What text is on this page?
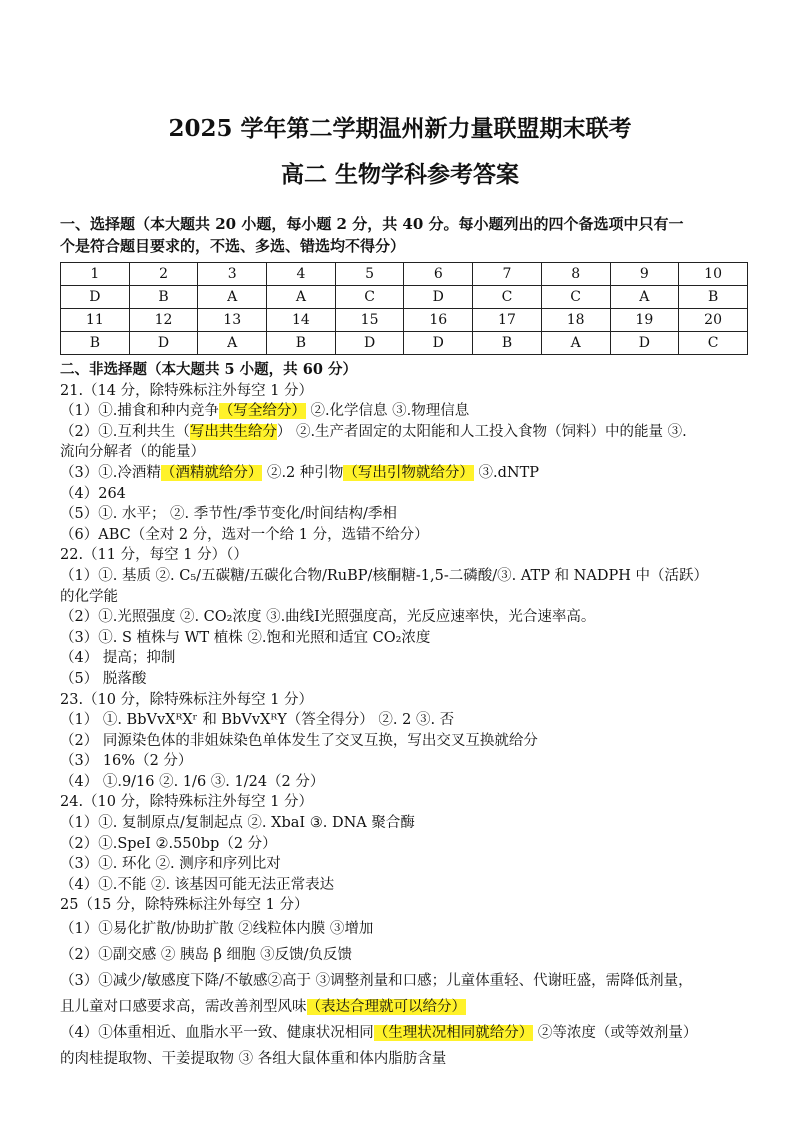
2025 学年第二学期温州新力量联盟期末联考
高二 生物学科参考答案
一、选择题（本大题共 20 小题，每小题 2 分，共 40 分。每小题列出的四个备选项中只有一
个是符合题目要求的，不选、多选、错选均不得分）
1	2	3	4	5	6	7	8	9	10
D	B	A	A	C	D	C	C	A	B
11	12	13	14	15	16	17	18	19	20
B	D	A	B	D	D	B	A	D	C
二、非选择题（本大题共 5 小题，共 60 分）
21.（14 分，除特殊标注外每空 1 分）
（1）①.捕食和种内竞争（写全给分） ②.化学信息 ③.物理信息
（2）①.互利共生（写出共生给分） ②.生产者固定的太阳能和人工投入食物（饲料）中的能量 ③.
流向分解者（的能量）
（3）①.冷酒精（酒精就给分） ②.2 种引物（写出引物就给分） ③.dNTP
（4）264
（5）①. 水平； ②. 季节性/季节变化/时间结构/季相
（6）ABC（全对 2 分，选对一个给 1 分，选错不给分）
22.（11 分，每空 1 分）（）
（1）①. 基质 ②. C₅/五碳糖/五碳化合物/RuBP/核酮糖-1,5-二磷酸/③. ATP 和 NADPH 中（活跃）
的化学能
（2）①.光照强度 ②. CO₂浓度 ③.曲线Ⅰ光照强度高，光反应速率快，光合速率高。
（3）①. S 植株与 WT 植株 ②.饱和光照和适宜 CO₂浓度
（4） 提高；抑制
（5） 脱落酸
23.（10 分，除特殊标注外每空 1 分）
（1） ①. BbVvXᴿXʳ 和 BbVvXᴿY（答全得分） ②. 2 ③. 否
（2） 同源染色体的非姐妹染色单体发生了交叉互换，写出交叉互换就给分
（3） 16%（2 分）
（4） ①.9/16 ②. 1/6 ③. 1/24（2 分）
24.（10 分，除特殊标注外每空 1 分）
（1）①. 复制原点/复制起点 ②. XbaⅠ ③. DNA 聚合酶
（2）①.SpeⅠ ②.550bp（2 分）
（3）①. 环化 ②. 测序和序列比对
（4）①.不能 ②. 该基因可能无法正常表达
25（15 分，除特殊标注外每空 1 分）
（1）①易化扩散/协助扩散 ②线粒体内膜 ③增加
（2）①副交感 ② 胰岛 β 细胞 ③反馈/负反馈
（3）①减少/敏感度下降/不敏感②高于 ③调整剂量和口感；儿童体重轻、代谢旺盛，需降低剂量，
且儿童对口感要求高，需改善剂型风味（表达合理就可以给分）
（4）①体重相近、血脂水平一致、健康状况相同（生理状况相同就给分） ②等浓度（或等效剂量）
的肉桂提取物、干姜提取物 ③ 各组大鼠体重和体内脂肪含量
